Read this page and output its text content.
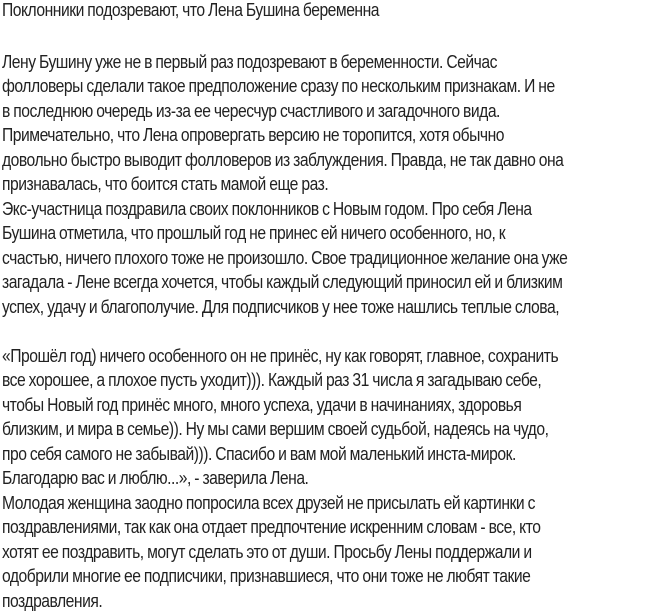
Поклонники подозревают, что Лена Бушина беременна
Лену Бушину уже не в первый раз подозревают в беременности. Сейчас
фолловеры сделали такое предположение сразу по нескольким признакам. И не
в последнюю очередь из-за ее чересчур счастливого и загадочного вида.
Примечательно, что Лена опровергать версию не торопится, хотя обычно
довольно быстро выводит фолловеров из заблуждения. Правда, не так давно она
признавалась, что боится стать мамой еще раз.
Экс-участница поздравила своих поклонников с Новым годом. Про себя Лена
Бушина отметила, что прошлый год не принес ей ничего особенного, но, к
счастью, ничего плохого тоже не произошло. Свое традиционное желание она уже
загадала - Лене всегда хочется, чтобы каждый следующий приносил ей и близким
успех, удачу и благополучие. Для подписчиков у нее тоже нашлись теплые слова,
«Прошёл год) ничего особенного он не принёс, ну как говорят, главное, сохранить
все хорошее, а плохое пусть уходит))). Каждый раз 31 числа я загадываю себе,
чтобы Новый год принёс много, много успеха, удачи в начинаниях, здоровья
близким, и мира в семье)). Ну мы сами вершим своей судьбой, надеясь на чудо,
про себя самого не забывай))). Спасибо и вам мой маленький инста-мирок.
Благодарю вас и люблю...», - заверила Лена.
Молодая женщина заодно попросила всех друзей не присылать ей картинки с
поздравлениями, так как она отдает предпочтение искренним словам - все, кто
хотят ее поздравить, могут сделать это от души. Просьбу Лены поддержали и
одобрили многие ее подписчики, признавшиеся, что они тоже не любят такие
поздравления.
